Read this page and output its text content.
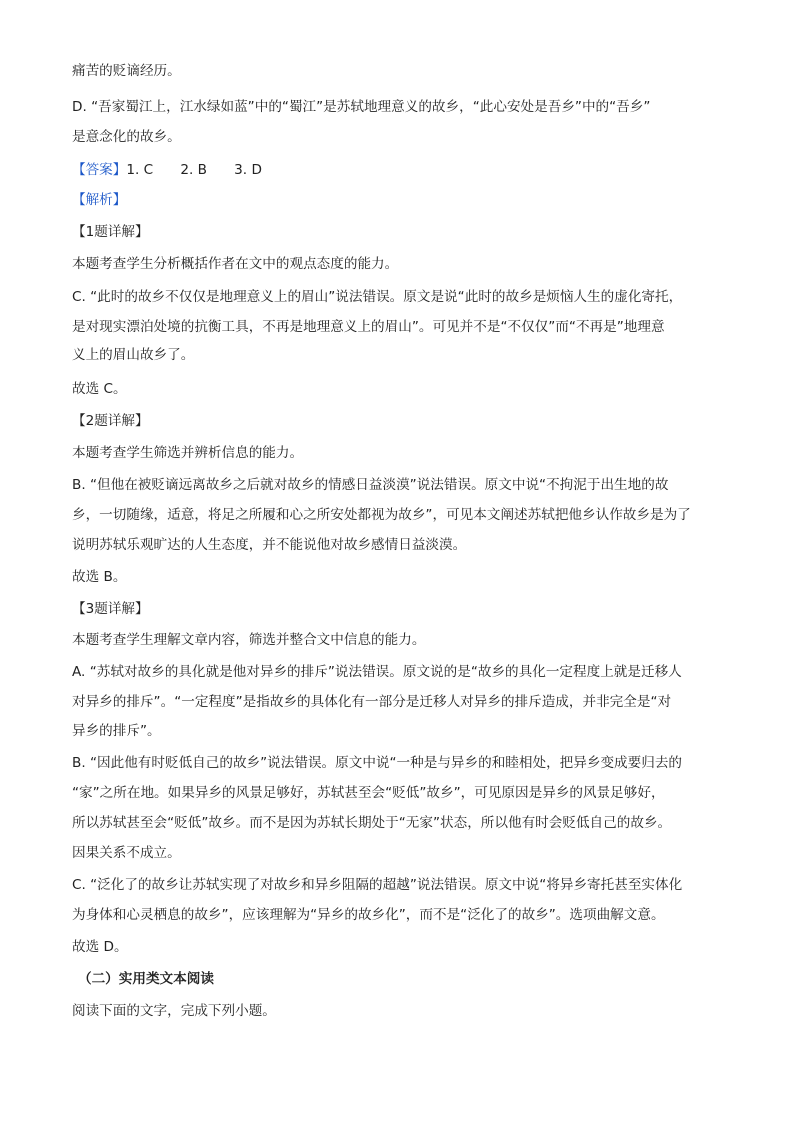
痛苦的贬谪经历。

D. “吾家蜀江上，江水绿如蓝”中的“蜀江”是苏轼地理意义的故乡，“此心安处是吾乡”中的“吾乡”

是意念化的故乡。

【答案】1. C　　2. B　　3. D

【解析】

【1题详解】

本题考查学生分析概括作者在文中的观点态度的能力。

C. “此时的故乡不仅仅是地理意义上的眉山”说法错误。原文是说“此时的故乡是烦恼人生的虚化寄托，

是对现实漂泊处境的抗衡工具，不再是地理意义上的眉山”。可见并不是“不仅仅”而“不再是”地理意

义上的眉山故乡了。

故选 C。

【2题详解】

本题考查学生筛选并辨析信息的能力。

B. “但他在被贬谪远离故乡之后就对故乡的情感日益淡漠”说法错误。原文中说“不拘泥于出生地的故

乡，一切随缘，适意，将足之所履和心之所安处都视为故乡”，可见本文阐述苏轼把他乡认作故乡是为了

说明苏轼乐观旷达的人生态度，并不能说他对故乡感情日益淡漠。

故选 B。

【3题详解】

本题考查学生理解文章内容，筛选并整合文中信息的能力。

A. “苏轼对故乡的具化就是他对异乡的排斥”说法错误。原文说的是“故乡的具化一定程度上就是迁移人

对异乡的排斥”。“一定程度”是指故乡的具体化有一部分是迁移人对异乡的排斥造成，并非完全是“对

异乡的排斥”。

B. “因此他有时贬低自己的故乡”说法错误。原文中说“一种是与异乡的和睦相处，把异乡变成要归去的

“家”之所在地。如果异乡的风景足够好，苏轼甚至会“贬低”故乡”，可见原因是异乡的风景足够好，

所以苏轼甚至会“贬低”故乡。而不是因为苏轼长期处于“无家”状态，所以他有时会贬低自己的故乡。

因果关系不成立。

C. “泛化了的故乡让苏轼实现了对故乡和异乡阻隔的超越”说法错误。原文中说“将异乡寄托甚至实体化

为身体和心灵栖息的故乡”，应该理解为“异乡的故乡化”，而不是“泛化了的故乡”。选项曲解文意。

故选 D。

（二）实用类文本阅读

阅读下面的文字，完成下列小题。
